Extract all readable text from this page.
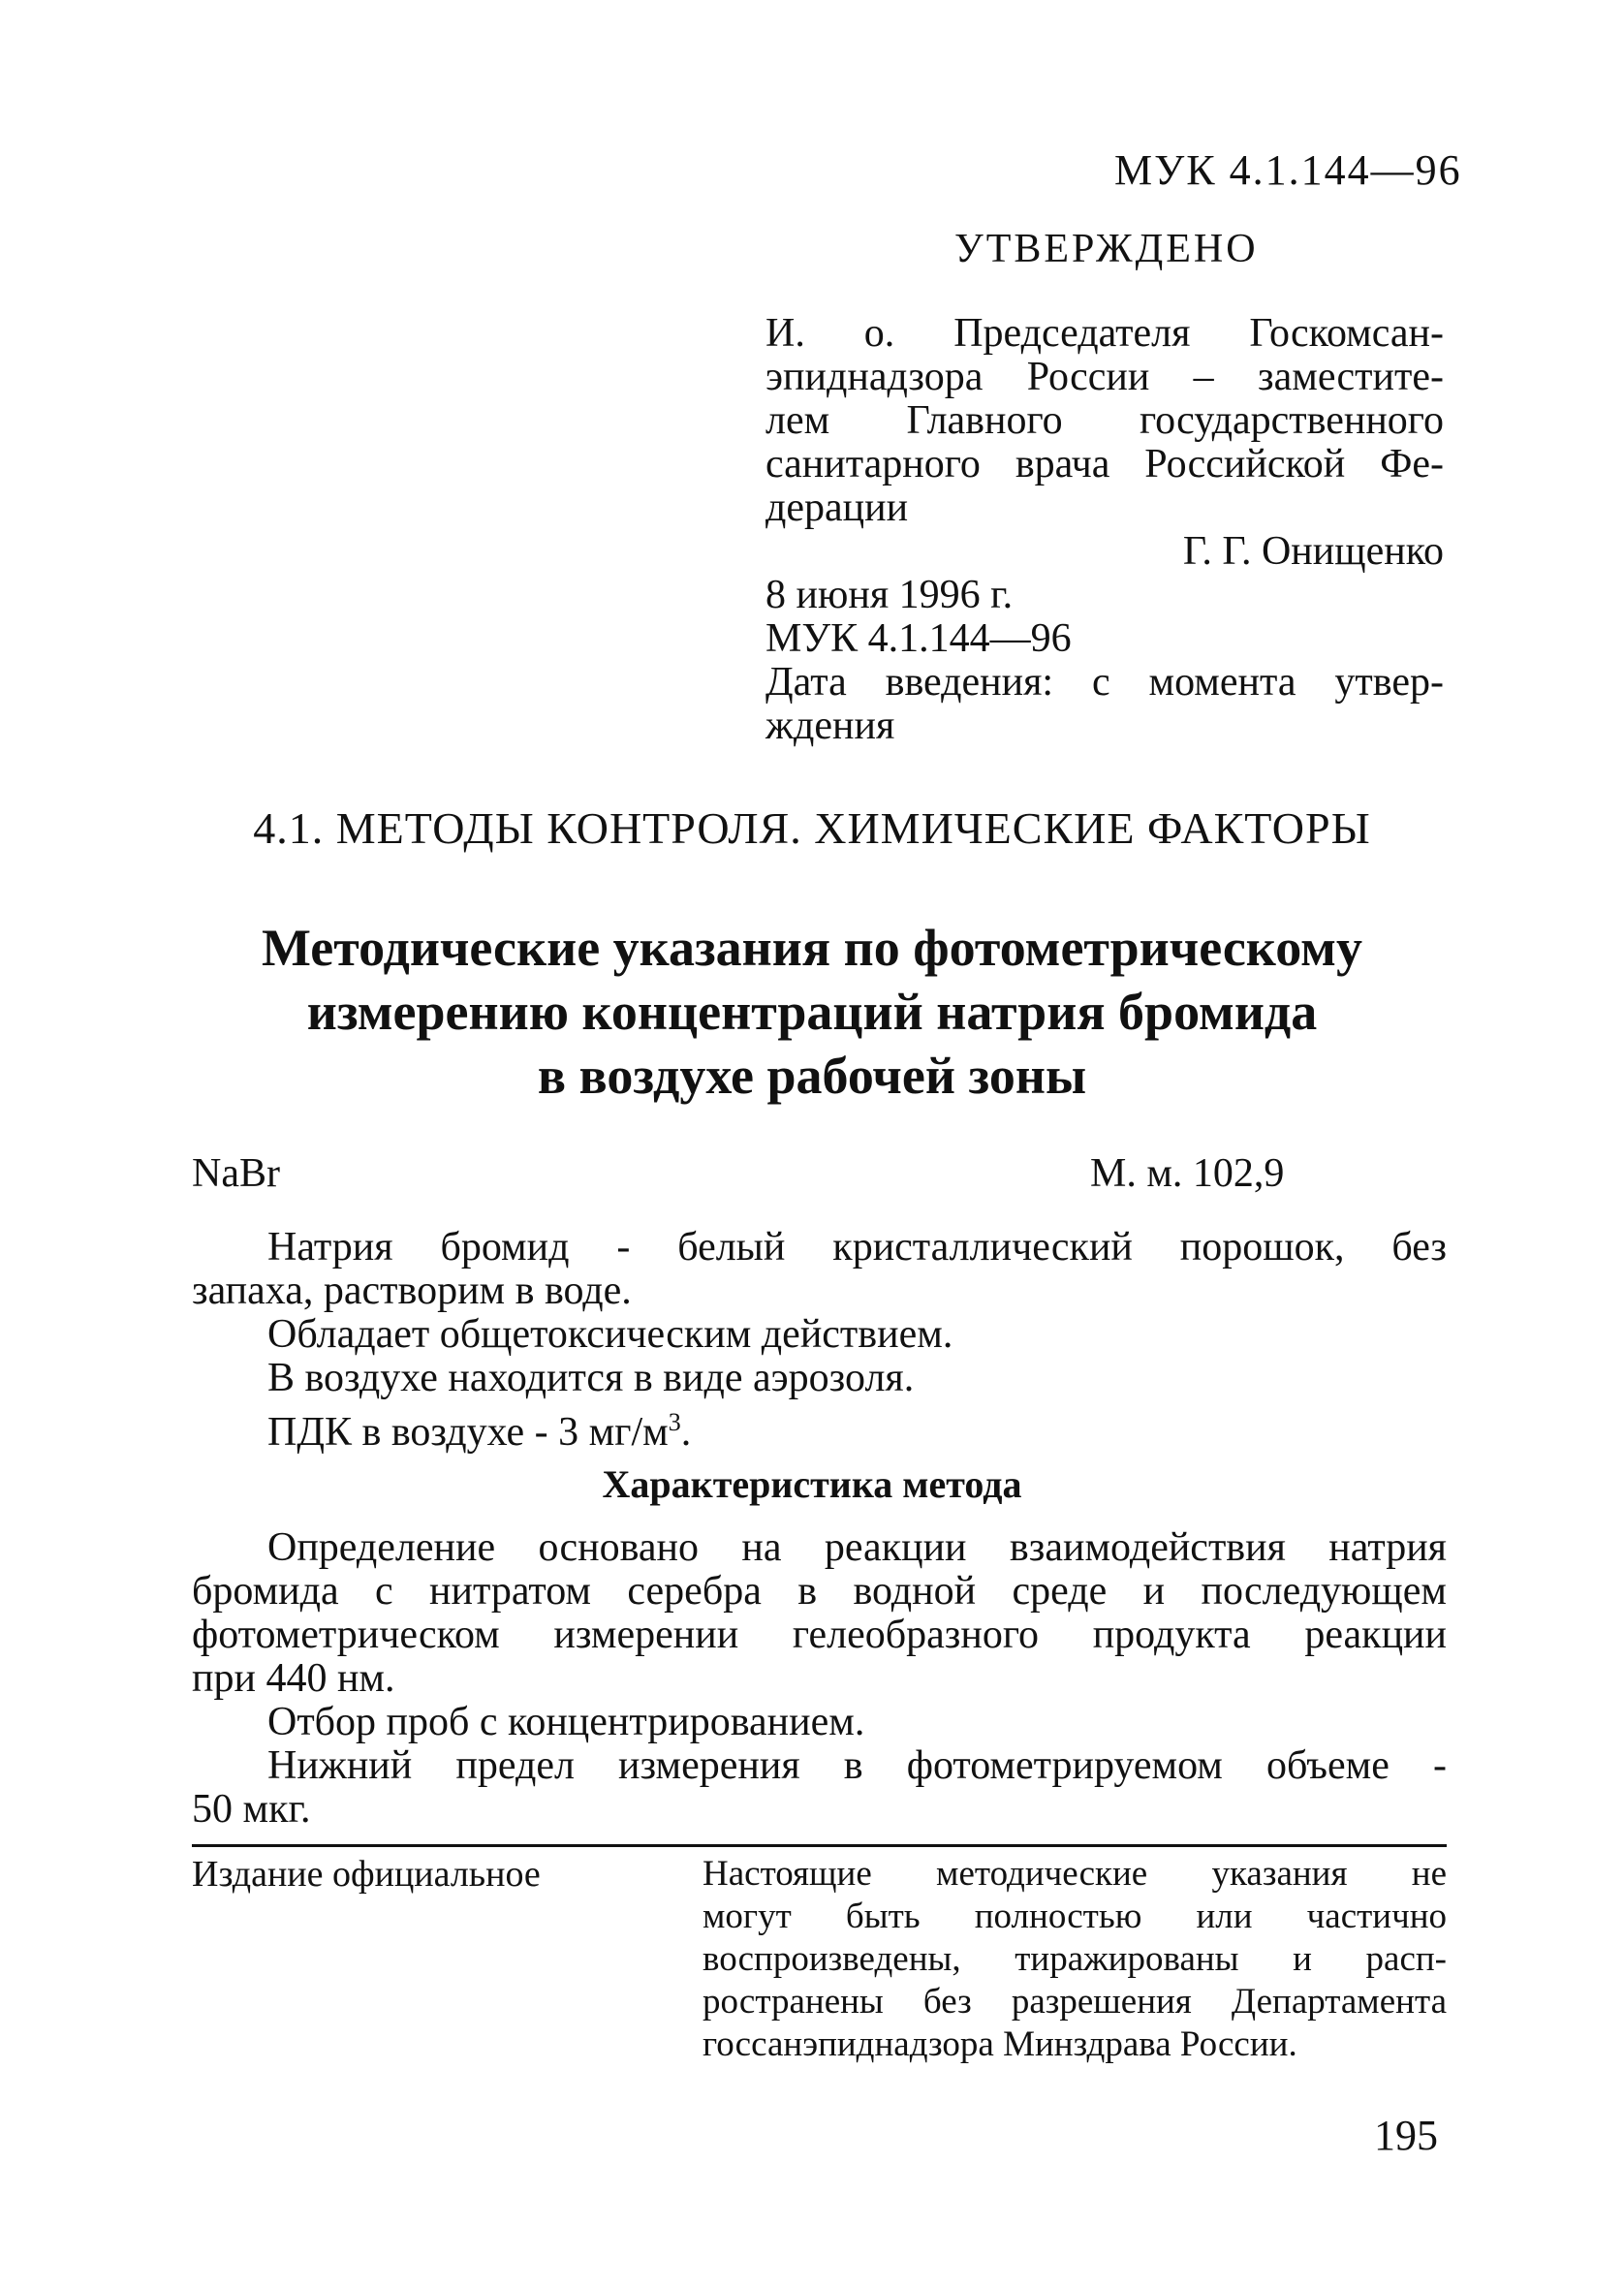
МУК 4.1.144—96
УТВЕРЖДЕНО
И. о. Председателя Госкомсан-
эпиднадзора России – заместите-
лем Главного государственного
санитарного врача Российской Фе-
дерации
Г. Г. Онищенко
8 июня 1996 г.
МУК 4.1.144—96
Дата введения: с момента утвер-
ждения
4.1. МЕТОДЫ КОНТРОЛЯ. ХИМИЧЕСКИЕ ФАКТОРЫ
Методические указания по фотометрическому
измерению концентраций натрия бромида
в воздухе рабочей зоны
NaBr	М. м. 102,9
Натрия бромид - белый кристаллический порошок, без
запаха, растворим в воде.
Обладает общетоксическим действием.
В воздухе находится в виде аэрозоля.
ПДК в воздухе - 3 $мг/м^3$.
Характеристика метода
Определение основано на реакции взаимодействия натрия
бромида с нитратом серебра в водной среде и последующем
фотометрическом измерении гелеобразного продукта реакции
при 440 нм.
Отбор проб с концентрированием.
Нижний предел измерения в фотометрируемом объеме -
50 мкг.
Издание официальное	Настоящие методические указания не
могут быть полностью или частично
воспроизведены, тиражированы и расп-
ространены без разрешения Департамента
госсанэпиднадзора Минздрава России.
195
